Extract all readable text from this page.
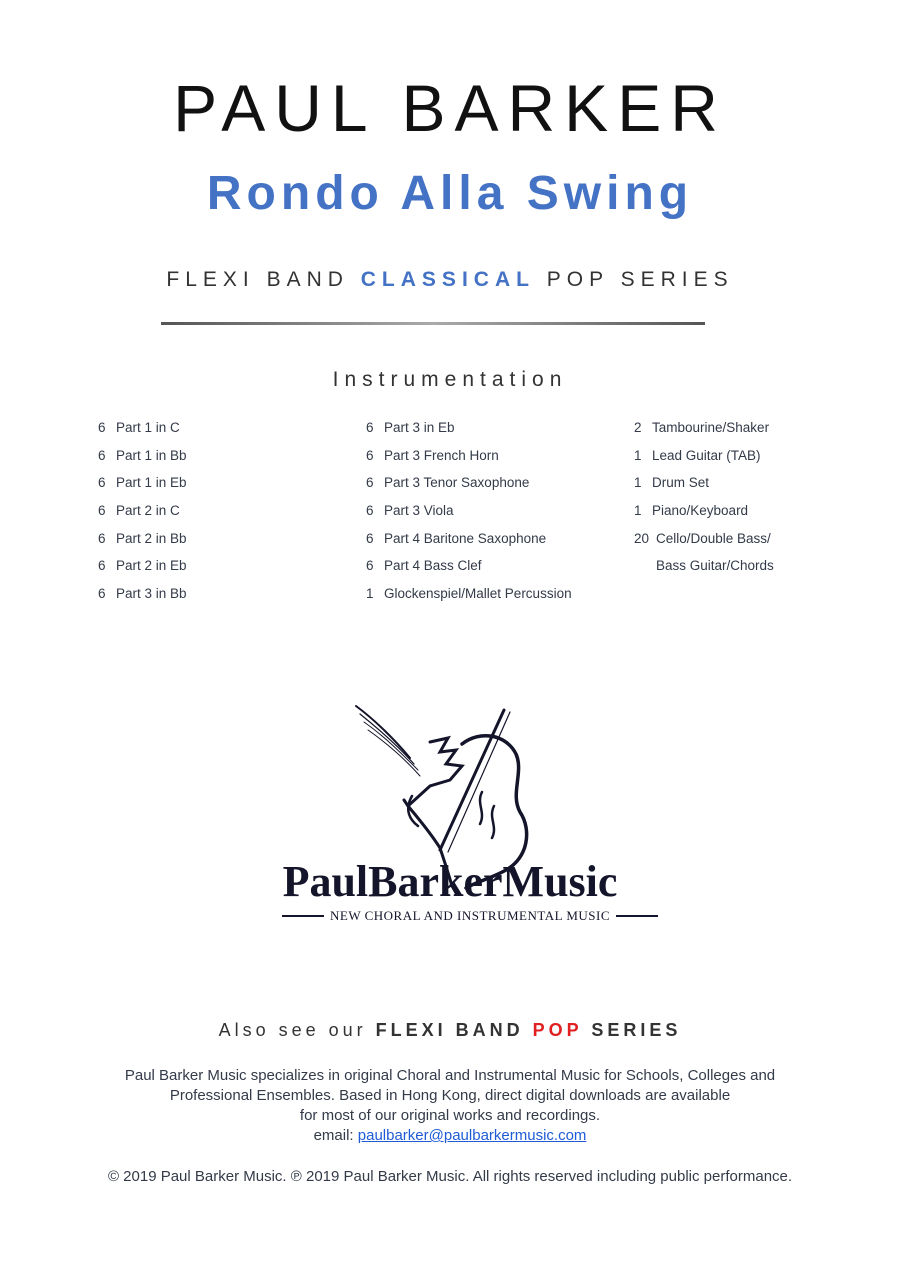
PAUL BARKER
Rondo Alla Swing
FLEXI BAND CLASSICAL POP SERIES
Instrumentation
6 Part 1 in C
6 Part 1 in Bb
6 Part 1 in Eb
6 Part 2 in C
6 Part 2 in Bb
6 Part 2 in Eb
6 Part 3 in Bb
6 Part 3 in Eb
6 Part 3 French Horn
6 Part 3 Tenor Saxophone
6 Part 3 Viola
6 Part 4 Baritone Saxophone
6 Part 4 Bass Clef
1 Glockenspiel/Mallet Percussion
2 Tambourine/Shaker
1 Lead Guitar (TAB)
1 Drum Set
1 Piano/Keyboard
20 Cello/Double Bass/
Bass Guitar/Chords
PaulBarkerMusic
NEW CHORAL AND INSTRUMENTAL MUSIC
Also see our FLEXI BAND POP SERIES
Paul Barker Music specializes in original Choral and Instrumental Music for Schools, Colleges and
Professional Ensembles. Based in Hong Kong, direct digital downloads are available
for most of our original works and recordings.
email: paulbarker@paulbarkermusic.com
© 2019 Paul Barker Music. ℗ 2019 Paul Barker Music. All rights reserved including public performance.
